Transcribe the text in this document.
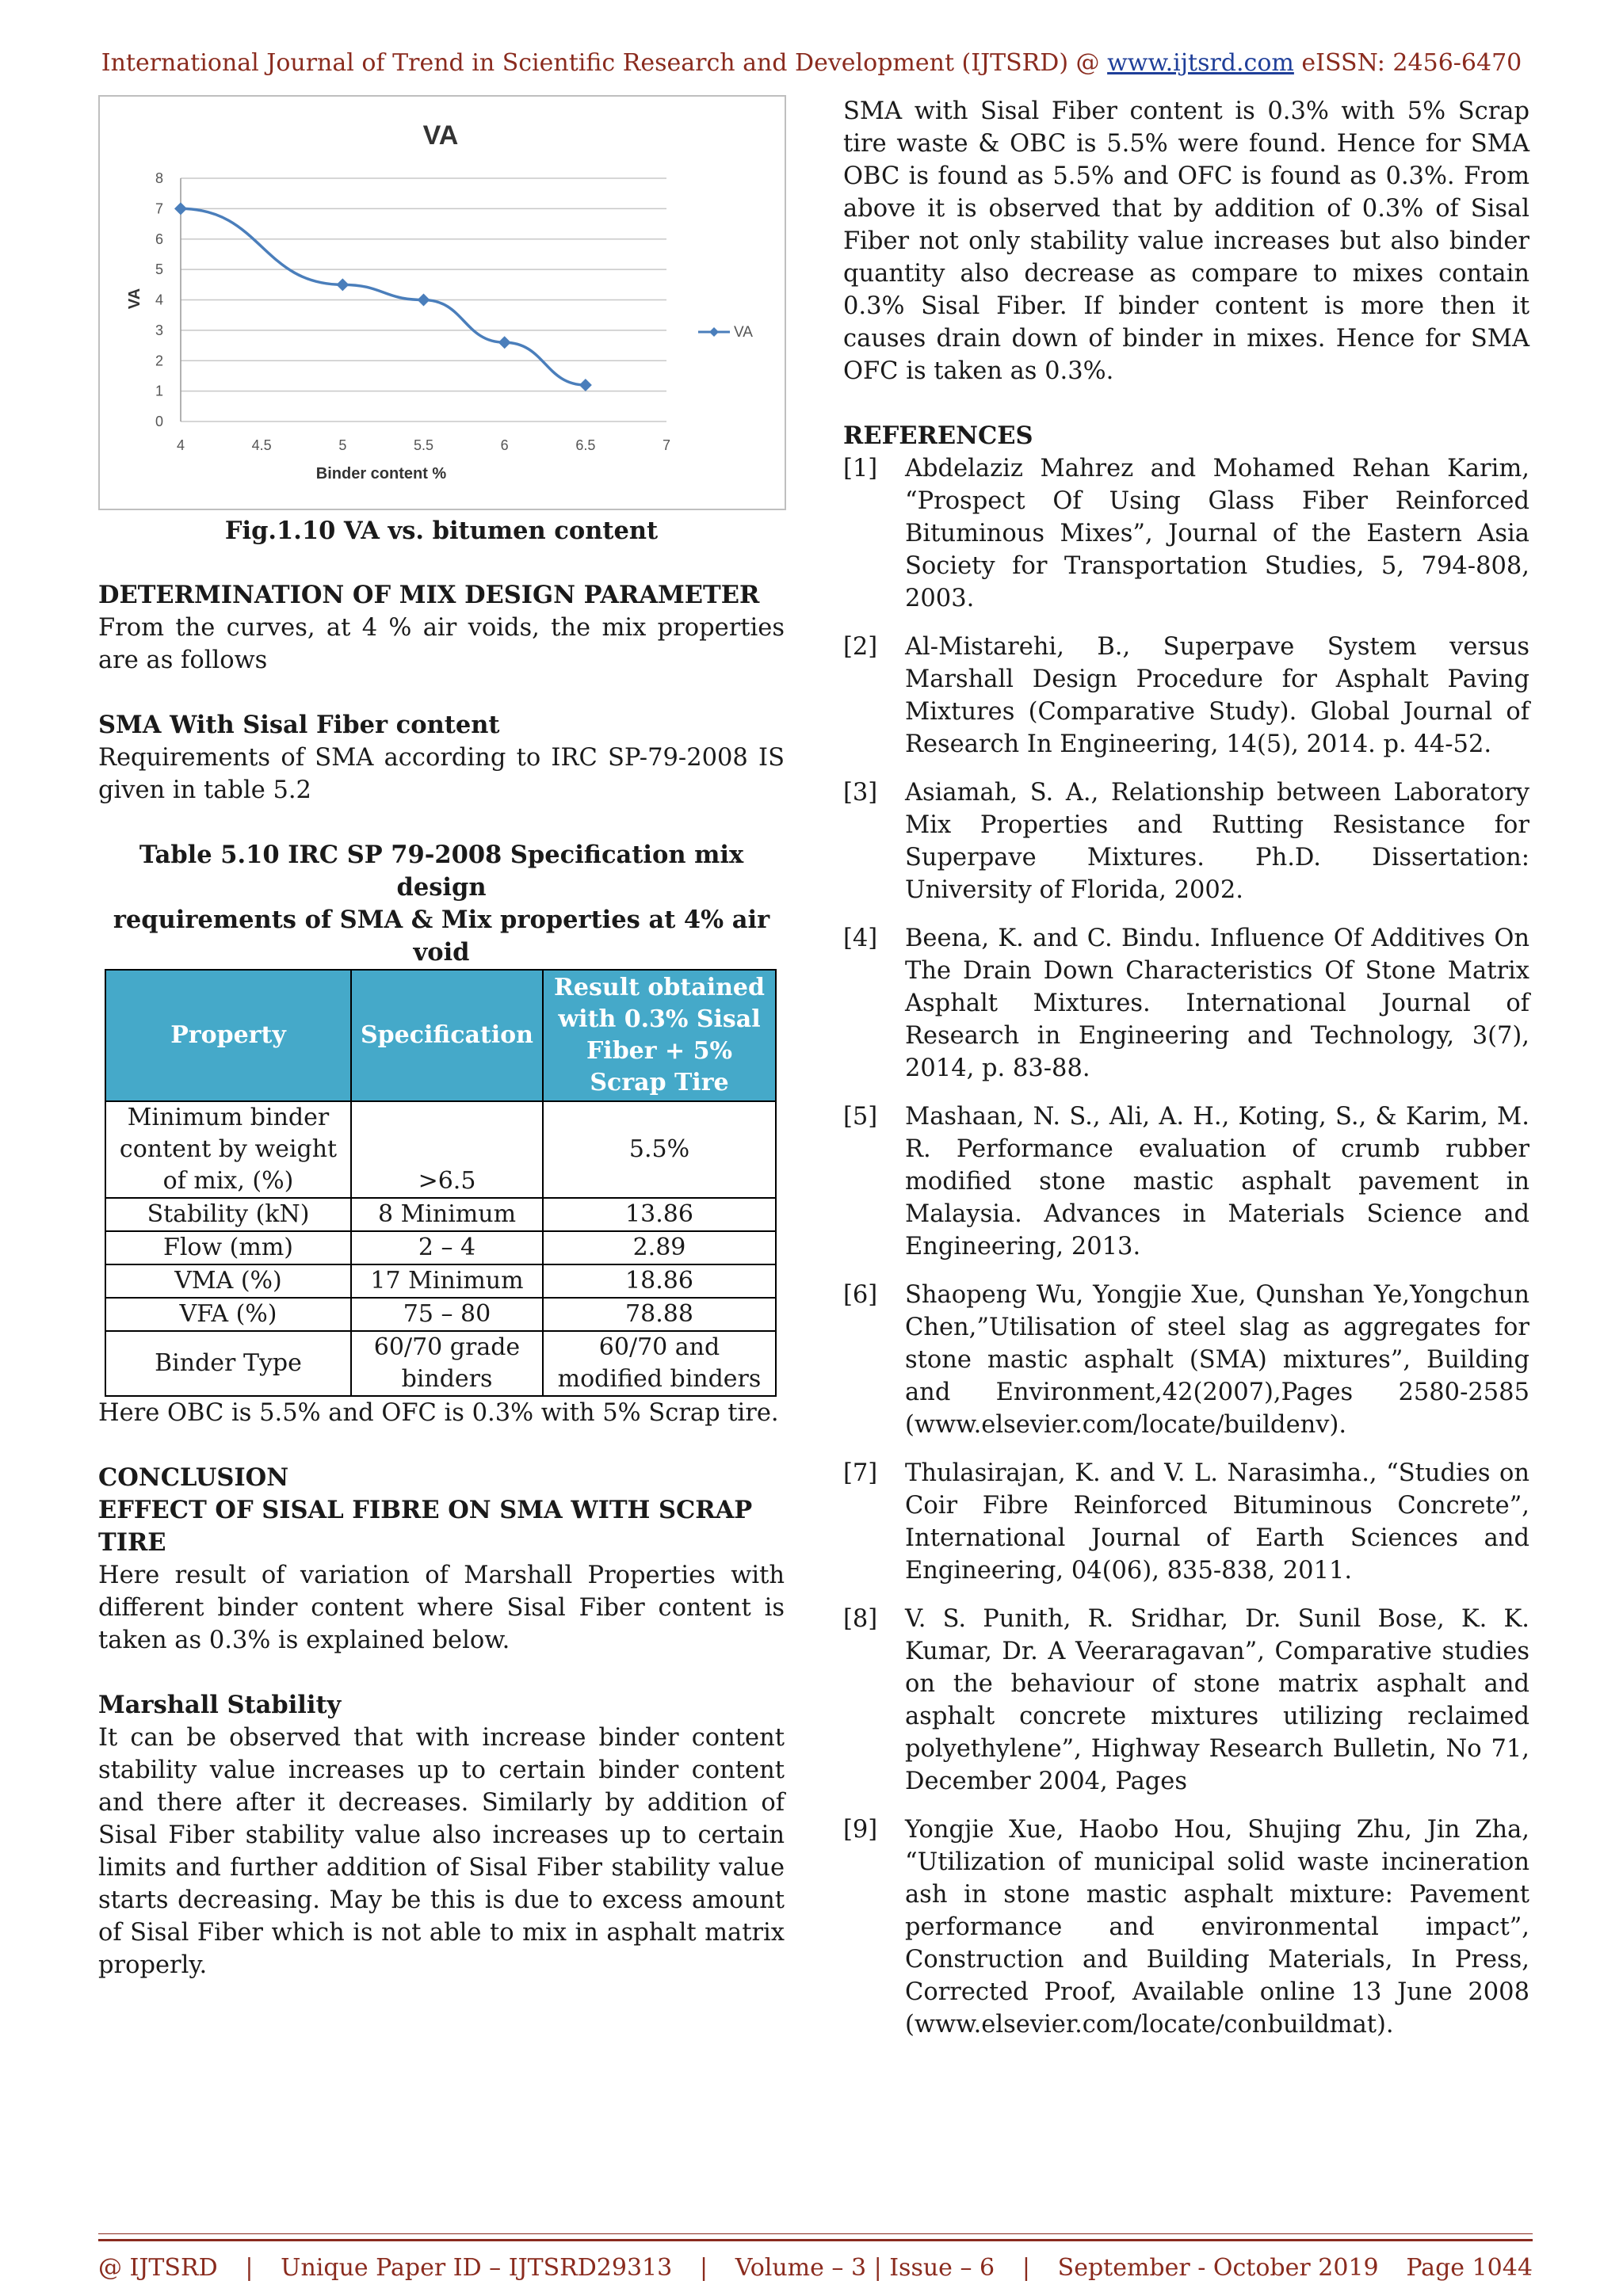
International Journal of Trend in Scientific Research and Development (IJTSRD) @ www.ijtsrd.com eISSN: 2456-6470
VA
0
1
2
3
4
5
6
7
8
4	4.5	5	5.5	6	6.5	7
VA
Binder content %
VA

Fig.1.10 VA vs. bitumen content

DETERMINATION OF MIX DESIGN PARAMETER

From the curves, at 4 % air voids, the mix properties are as follows

SMA With Sisal Fiber content

Requirements of SMA according to IRC SP-79-2008 IS given in table 5.2

Table 5.10 IRC SP 79-2008 Specification mix design

requirements of SMA & Mix properties at 4% air void

Property	Specification	Result obtained with 0.3% Sisal Fiber + 5% Scrap Tire
Minimum binder content by weight of mix, (%)	>6.5	5.5%
Stability (kN)	8 Minimum	13.86
Flow (mm)	2 – 4	2.89
VMA (%)	17 Minimum	18.86
VFA (%)	75 – 80	78.88
Binder Type	60/70 grade binders	60/70 and modified binders

Here OBC is 5.5% and OFC is 0.3% with 5% Scrap tire.

CONCLUSION

EFFECT OF SISAL FIBRE ON SMA WITH SCRAP TIRE

Here result of variation of Marshall Properties with different binder content where Sisal Fiber content is taken as 0.3% is explained below.

Marshall Stability

It can be observed that with increase binder content stability value increases up to certain binder content and there after it decreases. Similarly by addition of Sisal Fiber stability value also increases up to certain limits and further addition of Sisal Fiber stability value starts decreasing. May be this is due to excess amount of Sisal Fiber which is not able to mix in asphalt matrix properly.

SMA with Sisal Fiber content is 0.3% with 5% Scrap tire waste & OBC is 5.5% were found. Hence for SMA OBC is found as 5.5% and OFC is found as 0.3%. From above it is observed that by addition of 0.3% of Sisal Fiber not only stability value increases but also binder quantity also decrease as compare to mixes contain 0.3% Sisal Fiber. If binder content is more then it causes drain down of binder in mixes. Hence for SMA OFC is taken as 0.3%.

REFERENCES

[1]	Abdelaziz Mahrez and Mohamed Rehan Karim, “Prospect Of Using Glass Fiber Reinforced Bituminous Mixes”, Journal of the Eastern Asia Society for Transportation Studies, 5, 794-808, 2003.
[2]	Al-Mistarehi, B., Superpave System versus Marshall Design Procedure for Asphalt Paving Mixtures (Comparative Study). Global Journal of Research In Engineering, 14(5), 2014. p. 44-52.
[3]	Asiamah, S. A., Relationship between Laboratory Mix Properties and Rutting Resistance for Superpave Mixtures. Ph.D. Dissertation: University of Florida, 2002.
[4]	Beena, K. and C. Bindu. Influence Of Additives On The Drain Down Characteristics Of Stone Matrix Asphalt Mixtures. International Journal of Research in Engineering and Technology, 3(7), 2014, p. 83-88.
[5]	Mashaan, N. S., Ali, A. H., Koting, S., & Karim, M. R. Performance evaluation of crumb rubber modified stone mastic asphalt pavement in Malaysia. Advances in Materials Science and Engineering, 2013.
[6]	Shaopeng Wu, Yongjie Xue, Qunshan Ye,Yongchun Chen,”Utilisation of steel slag as aggregates for stone mastic asphalt (SMA) mixtures”, Building and Environment,42(2007),Pages 2580-2585 (www.elsevier.com/locate/buildenv).
[7]	Thulasirajan, K. and V. L. Narasimha., “Studies on Coir Fibre Reinforced Bituminous Concrete”, International Journal of Earth Sciences and Engineering, 04(06), 835-838, 2011.
[8]	V. S. Punith, R. Sridhar, Dr. Sunil Bose, K. K. Kumar, Dr. A Veeraragavan”, Comparative studies on the behaviour of stone matrix asphalt and asphalt concrete mixtures utilizing reclaimed polyethylene”, Highway Research Bulletin, No 71, December 2004, Pages
[9]	Yongjie Xue, Haobo Hou, Shujing Zhu, Jin Zha, “Utilization of municipal solid waste incineration ash in stone mastic asphalt mixture: Pavement performance and environmental impact”, Construction and Building Materials, In Press, Corrected Proof, Available online 13 June 2008 (www.elsevier.com/locate/conbuildmat).
@ IJTSRD | Unique Paper ID – IJTSRD29313 | Volume – 3 | Issue – 6 | September - October 2019 Page 1044
